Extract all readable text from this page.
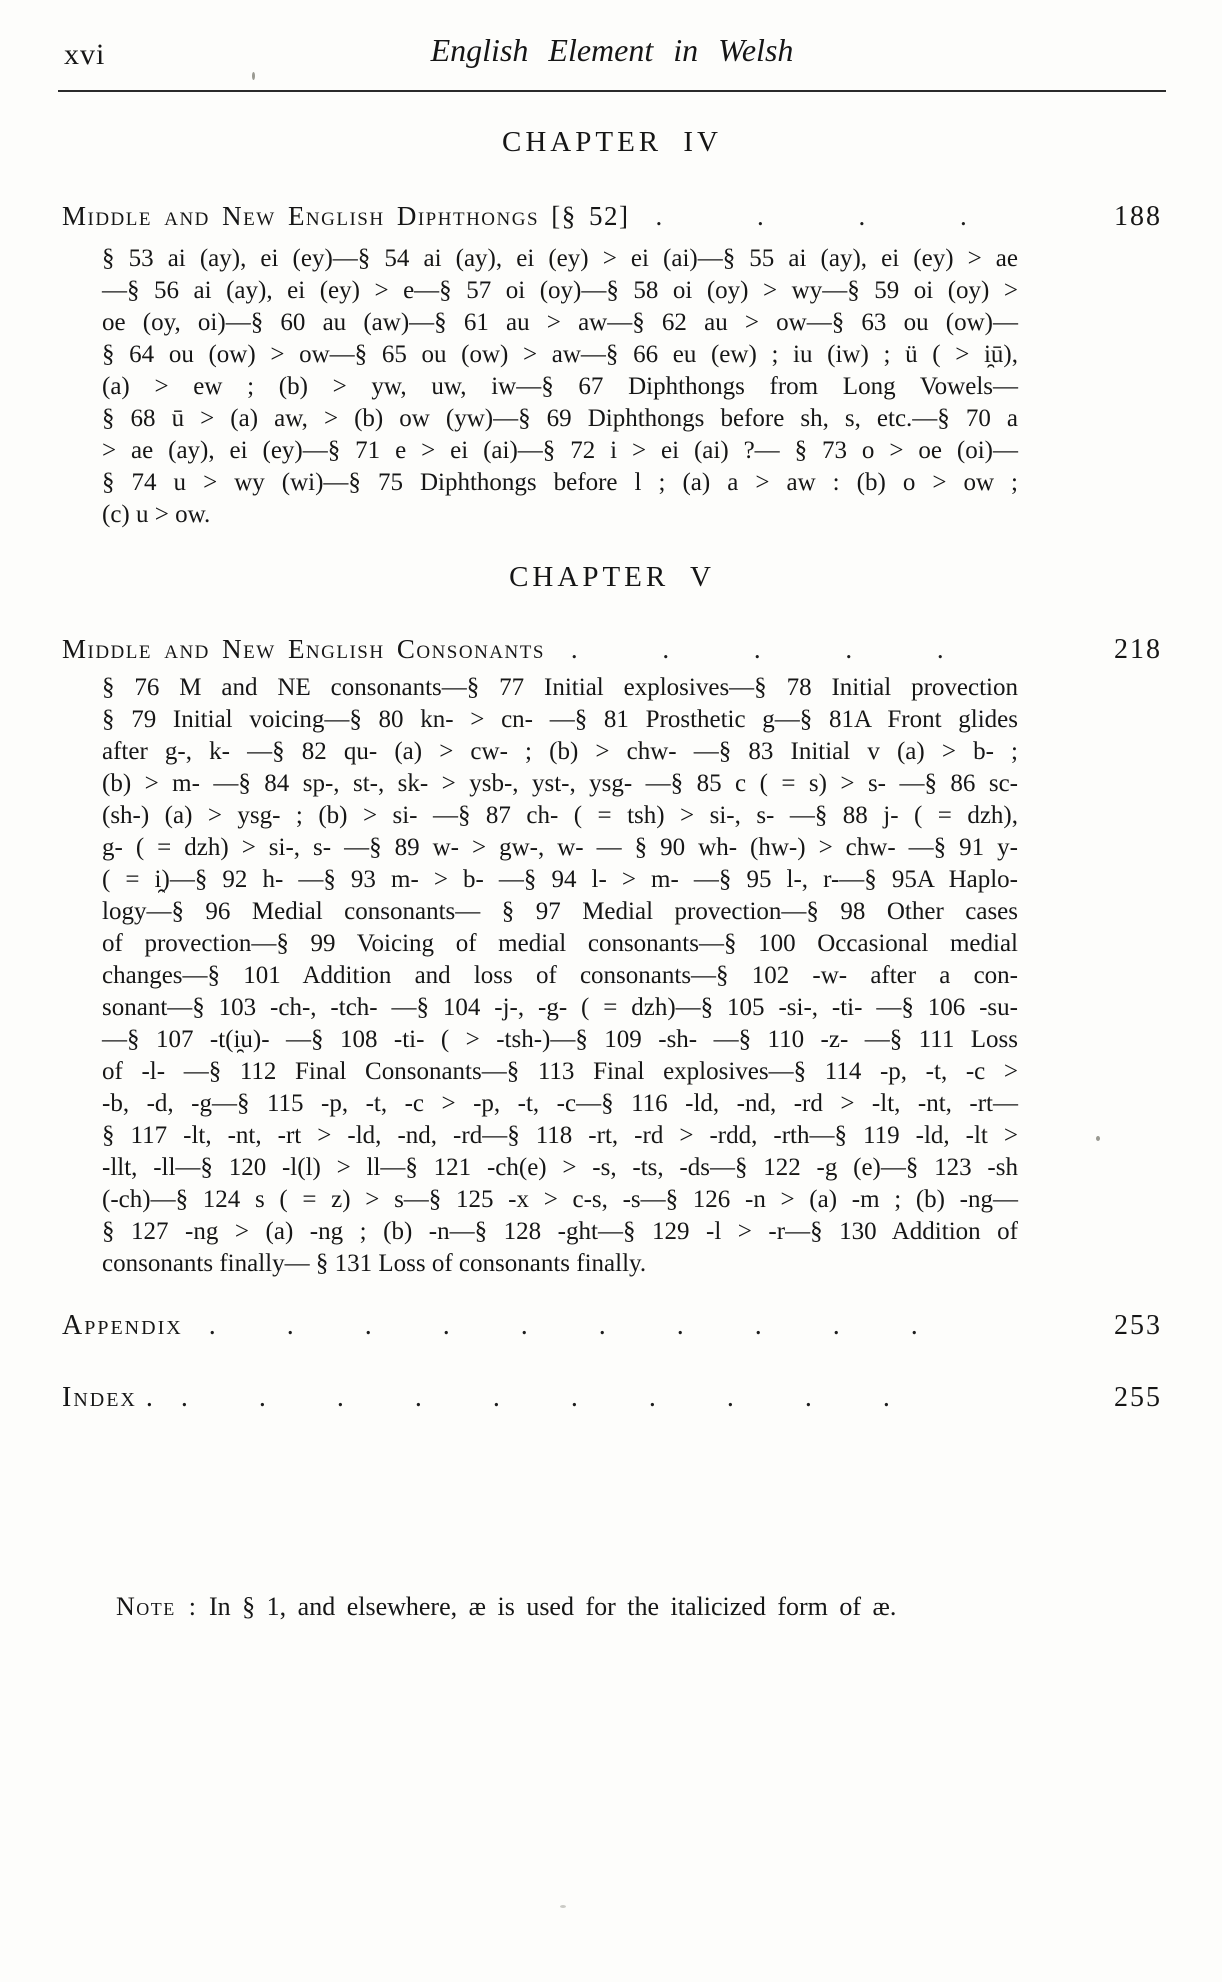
xvi	English Element in Welsh
CHAPTER IV
Middle and New English Diphthongs [§ 52] . . . .	188
§ 53 ai (ay), ei (ey)—§ 54 ai (ay), ei (ey) > ei (ai)—§ 55 ai (ay), ei (ey) > ae
—§ 56 ai (ay), ei (ey) > e—§ 57 oi (oy)—§ 58 oi (oy) > wy—§ 59 oi (oy) >
oe (oy, oi)—§ 60 au (aw)—§ 61 au > aw—§ 62 au > ow—§ 63 ou (ow)—
§ 64 ou (ow) > ow—§ 65 ou (ow) > aw—§ 66 eu (ew) ; iu (iw) ; ü ( > i̯ū),
(a) > ew ; (b) > yw, uw, iw—§ 67 Diphthongs from Long Vowels—
§ 68 ū > (a) aw, > (b) ow (yw)—§ 69 Diphthongs before sh, s, etc.—§ 70 a
> ae (ay), ei (ey)—§ 71 e > ei (ai)—§ 72 i > ei (ai) ?— § 73 o > oe (oi)—
§ 74 u > wy (wi)—§ 75 Diphthongs before l ; (a) a > aw : (b) o > ow ;
(c) u > ow.
CHAPTER V
Middle and New English Consonants . . . . .	218
§ 76 M and NE consonants—§ 77 Initial explosives—§ 78 Initial provection
§ 79 Initial voicing—§ 80 kn- > cn- —§ 81 Prosthetic g—§ 81A Front glides
after g-, k- —§ 82 qu- (a) > cw- ; (b) > chw- —§ 83 Initial v (a) > b- ;
(b) > m- —§ 84 sp-, st-, sk- > ysb-, yst-, ysg- —§ 85 c ( = s) > s- —§ 86 sc-
(sh-) (a) > ysg- ; (b) > si- —§ 87 ch- ( = tsh) > si-, s- —§ 88 j- ( = dzh),
g- ( = dzh) > si-, s- —§ 89 w- > gw-, w- — § 90 wh- (hw-) > chw- —§ 91 y-
( = i̯)—§ 92 h- —§ 93 m- > b- —§ 94 l- > m- —§ 95 l-, r-—§ 95A Haplo-
logy—§ 96 Medial consonants— § 97 Medial provection—§ 98 Other cases
of provection—§ 99 Voicing of medial consonants—§ 100 Occasional medial
changes—§ 101 Addition and loss of consonants—§ 102 -w- after a con-
sonant—§ 103 -ch-, -tch- —§ 104 -j-, -g- ( = dzh)—§ 105 -si-, -ti- —§ 106 -su-
—§ 107 -t(i̯u)- —§ 108 -ti- ( > -tsh-)—§ 109 -sh- —§ 110 -z- —§ 111 Loss
of -l- —§ 112 Final Consonants—§ 113 Final explosives—§ 114 -p, -t, -c >
-b, -d, -g—§ 115 -p, -t, -c > -p, -t, -c—§ 116 -ld, -nd, -rd > -lt, -nt, -rt—
§ 117 -lt, -nt, -rt > -ld, -nd, -rd—§ 118 -rt, -rd > -rdd, -rth—§ 119 -ld, -lt >
-llt, -ll—§ 120 -l(l) > ll—§ 121 -ch(e) > -s, -ts, -ds—§ 122 -g (e)—§ 123 -sh
(-ch)—§ 124 s ( = z) > s—§ 125 -x > c-s, -s—§ 126 -n > (a) -m ; (b) -ng—
§ 127 -ng > (a) -ng ; (b) -n—§ 128 -ght—§ 129 -l > -r—§ 130 Addition of
consonants finally— § 131 Loss of consonants finally.
Appendix . . . . . . . . . .	253
Index . . . . . . . . . . .	255
Note : In § 1, and elsewhere, æ is used for the italicized form of æ.
